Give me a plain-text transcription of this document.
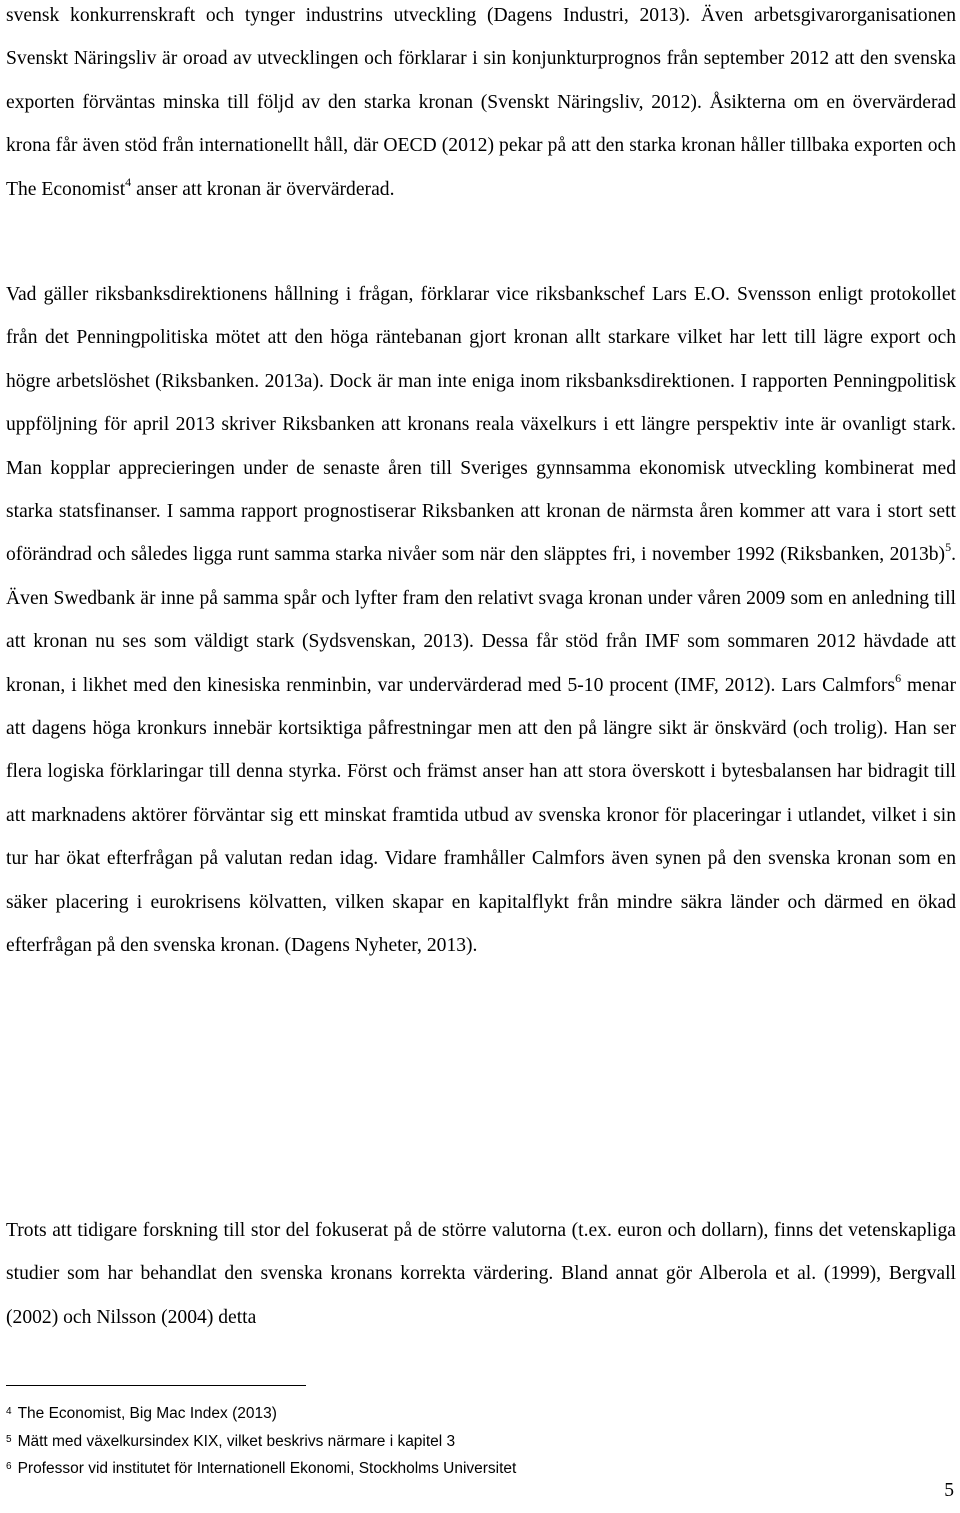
svensk konkurrenskraft och tynger industrins utveckling (Dagens Industri, 2013). Även arbetsgivarorganisationen Svenskt Näringsliv är oroad av utvecklingen och förklarar i sin konjunkturprognos från september 2012 att den svenska exporten förväntas minska till följd av den starka kronan (Svenskt Näringsliv, 2012). Åsikterna om en övervärderad krona får även stöd från internationellt håll, där OECD (2012) pekar på att den starka kronan håller tillbaka exporten och The Economist$^4$ anser att kronan är övervärderad.

Vad gäller riksbanksdirektionens hållning i frågan, förklarar vice riksbankschef Lars E.O. Svensson enligt protokollet från det Penningpolitiska mötet att den höga räntebanan gjort kronan allt starkare vilket har lett till lägre export och högre arbetslöshet (Riksbanken. 2013a). Dock är man inte eniga inom riksbanksdirektionen. I rapporten Penningpolitisk uppföljning för april 2013 skriver Riksbanken att kronans reala växelkurs i ett längre perspektiv inte är ovanligt stark. Man kopplar apprecieringen under de senaste åren till Sveriges gynnsamma ekonomisk utveckling kombinerat med starka statsfinanser. I samma rapport prognostiserar Riksbanken att kronan de närmsta åren kommer att vara i stort sett oförändrad och således ligga runt samma starka nivåer som när den släpptes fri, i november 1992 (Riksbanken, 2013b)$^5$. Även Swedbank är inne på samma spår och lyfter fram den relativt svaga kronan under våren 2009 som en anledning till att kronan nu ses som väldigt stark (Sydsvenskan, 2013). Dessa får stöd från IMF som sommaren 2012 hävdade att kronan, i likhet med den kinesiska renminbin, var undervärderad med 5-10 procent (IMF, 2012). Lars Calmfors$^6$ menar att dagens höga kronkurs innebär kortsiktiga påfrestningar men att den på längre sikt är önskvärd (och trolig). Han ser flera logiska förklaringar till denna styrka. Först och främst anser han att stora överskott i bytesbalansen har bidragit till att marknadens aktörer förväntar sig ett minskat framtida utbud av svenska kronor för placeringar i utlandet, vilket i sin tur har ökat efterfrågan på valutan redan idag. Vidare framhåller Calmfors även synen på den svenska kronan som en säker placering i eurokrisens kölvatten, vilken skapar en kapitalflykt från mindre säkra länder och därmed en ökad efterfrågan på den svenska kronan. (Dagens Nyheter, 2013).

Trots att tidigare forskning till stor del fokuserat på de större valutorna (t.ex. euron och dollarn), finns det vetenskapliga studier som har behandlat den svenska kronans korrekta värdering. Bland annat gör Alberola et al. (1999), Bergvall (2002) och Nilsson (2004) detta

$^4$ The Economist, Big Mac Index (2013)

$^5$ Mätt med växelkursindex KIX, vilket beskrivs närmare i kapitel 3

$^6$ Professor vid institutet för Internationell Ekonomi, Stockholms Universitet

5
